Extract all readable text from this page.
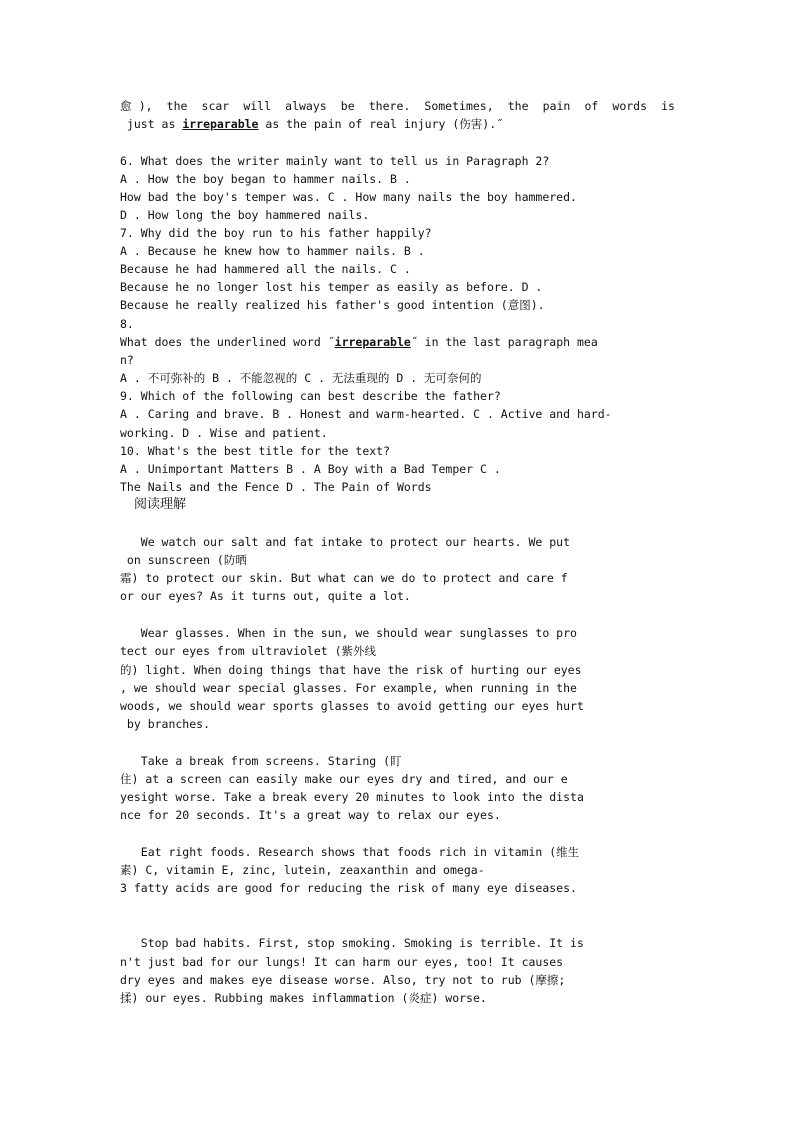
愈), the scar will always be there. Sometimes, the pain of words is
just as irreparable as the pain of real injury (伤害).˝
6. What does the writer mainly want to tell us in Paragraph 2?
A . How the boy began to hammer nails. B .
How bad the boy's temper was. C . How many nails the boy hammered.
D . How long the boy hammered nails.
7. Why did the boy run to his father happily?
A . Because he knew how to hammer nails. B .
Because he had hammered all the nails. C .
Because he no longer lost his temper as easily as before. D .
Because he really realized his father's good intention (意图).
8.
What does the underlined word ˝irreparable˝ in the last paragraph mea
n?
A . 不可弥补的 B . 不能忽视的 C . 无法重现的 D . 无可奈何的
9. Which of the following can best describe the father?
A . Caring and brave. B . Honest and warm-hearted. C . Active and hard-
working. D . Wise and patient.
10. What's the best title for the text?
A . Unimportant Matters B . A Boy with a Bad Temper C .
The Nails and the Fence D . The Pain of Words
阅读理解
We watch our salt and fat intake to protect our hearts. We put
on sunscreen (防晒
霜) to protect our skin. But what can we do to protect and care f
or our eyes? As it turns out, quite a lot.
Wear glasses. When in the sun, we should wear sunglasses to pro
tect our eyes from ultraviolet (紫外线
的) light. When doing things that have the risk of hurting our eyes
, we should wear special glasses. For example, when running in the
woods, we should wear sports glasses to avoid getting our eyes hurt
by branches.
Take a break from screens. Staring (盯
住) at a screen can easily make our eyes dry and tired, and our e
yesight worse. Take a break every 20 minutes to look into the dista
nce for 20 seconds. It's a great way to relax our eyes.
Eat right foods. Research shows that foods rich in vitamin (维生
素) C, vitamin E, zinc, lutein, zeaxanthin and omega-
3 fatty acids are good for reducing the risk of many eye diseases.
Stop bad habits. First, stop smoking. Smoking is terrible. It is
n't just bad for our lungs! It can harm our eyes, too! It causes
dry eyes and makes eye disease worse. Also, try not to rub (摩擦;
揉) our eyes. Rubbing makes inflammation (炎症) worse.
